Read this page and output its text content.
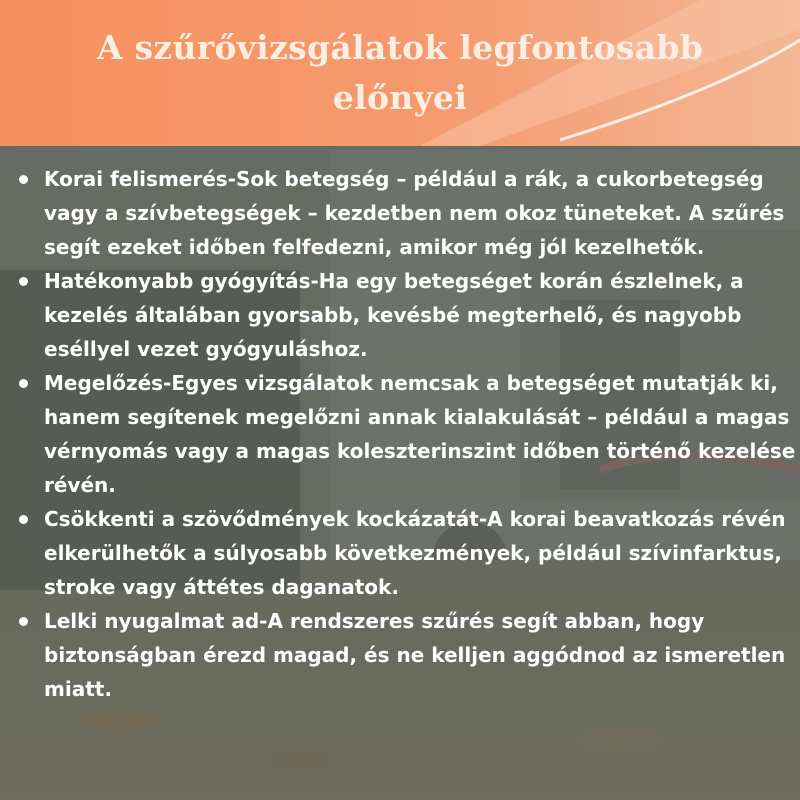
A szűrővizsgálatok legfontosabb előnyei
Korai felismerés-Sok betegség – például a rák, a cukorbetegség vagy a szívbetegségek – kezdetben nem okoz tüneteket. A szűrés segít ezeket időben felfedezni, amikor még jól kezelhetők.
Hatékonyabb gyógyítás-Ha egy betegséget korán észlelnek, a kezelés általában gyorsabb, kevésbé megterhelő, és nagyobb eséllyel vezet gyógyuláshoz.
Megelőzés-Egyes vizsgálatok nemcsak a betegséget mutatják ki, hanem segítenek megelőzni annak kialakulását – például a magas vérnyomás vagy a magas koleszterinszint időben történő kezelése révén.
Csökkenti a szövődmények kockázatát-A korai beavatkozás révén elkerülhetők a súlyosabb következmények, például szívinfarktus, stroke vagy áttétes daganatok.
Lelki nyugalmat ad-A rendszeres szűrés segít abban, hogy biztonságban érezd magad, és ne kelljen aggódnod az ismeretlen miatt.
